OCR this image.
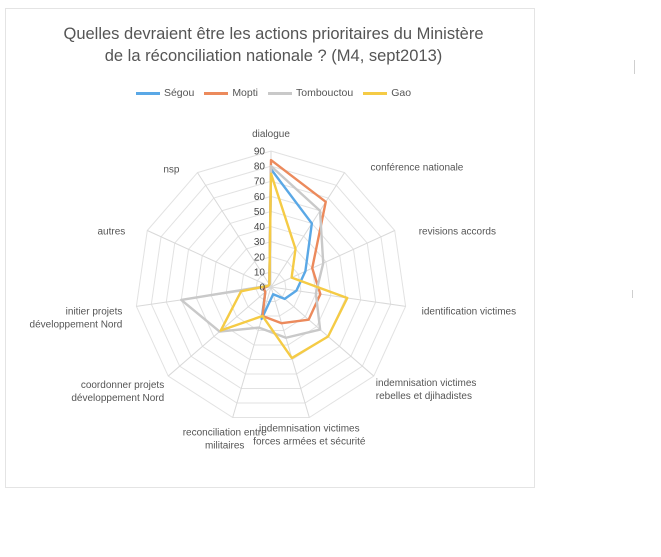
Quelles devraient être les actions prioritaires du Ministère
de la réconciliation nationale ? (M4, sept2013)
Ségou	Mopti	Tombouctou	Gao
0
10
20
30
40
50
60
70
80
90
dialogue
conférence nationale
revisions accords
identification victimes
indemnisation victimes rebelles et djihadistes
indemnisation victimes forces armées et sécurité
reconciliation entre militaires
coordonner projets développement Nord
initier projets développement Nord
autres
nsp
